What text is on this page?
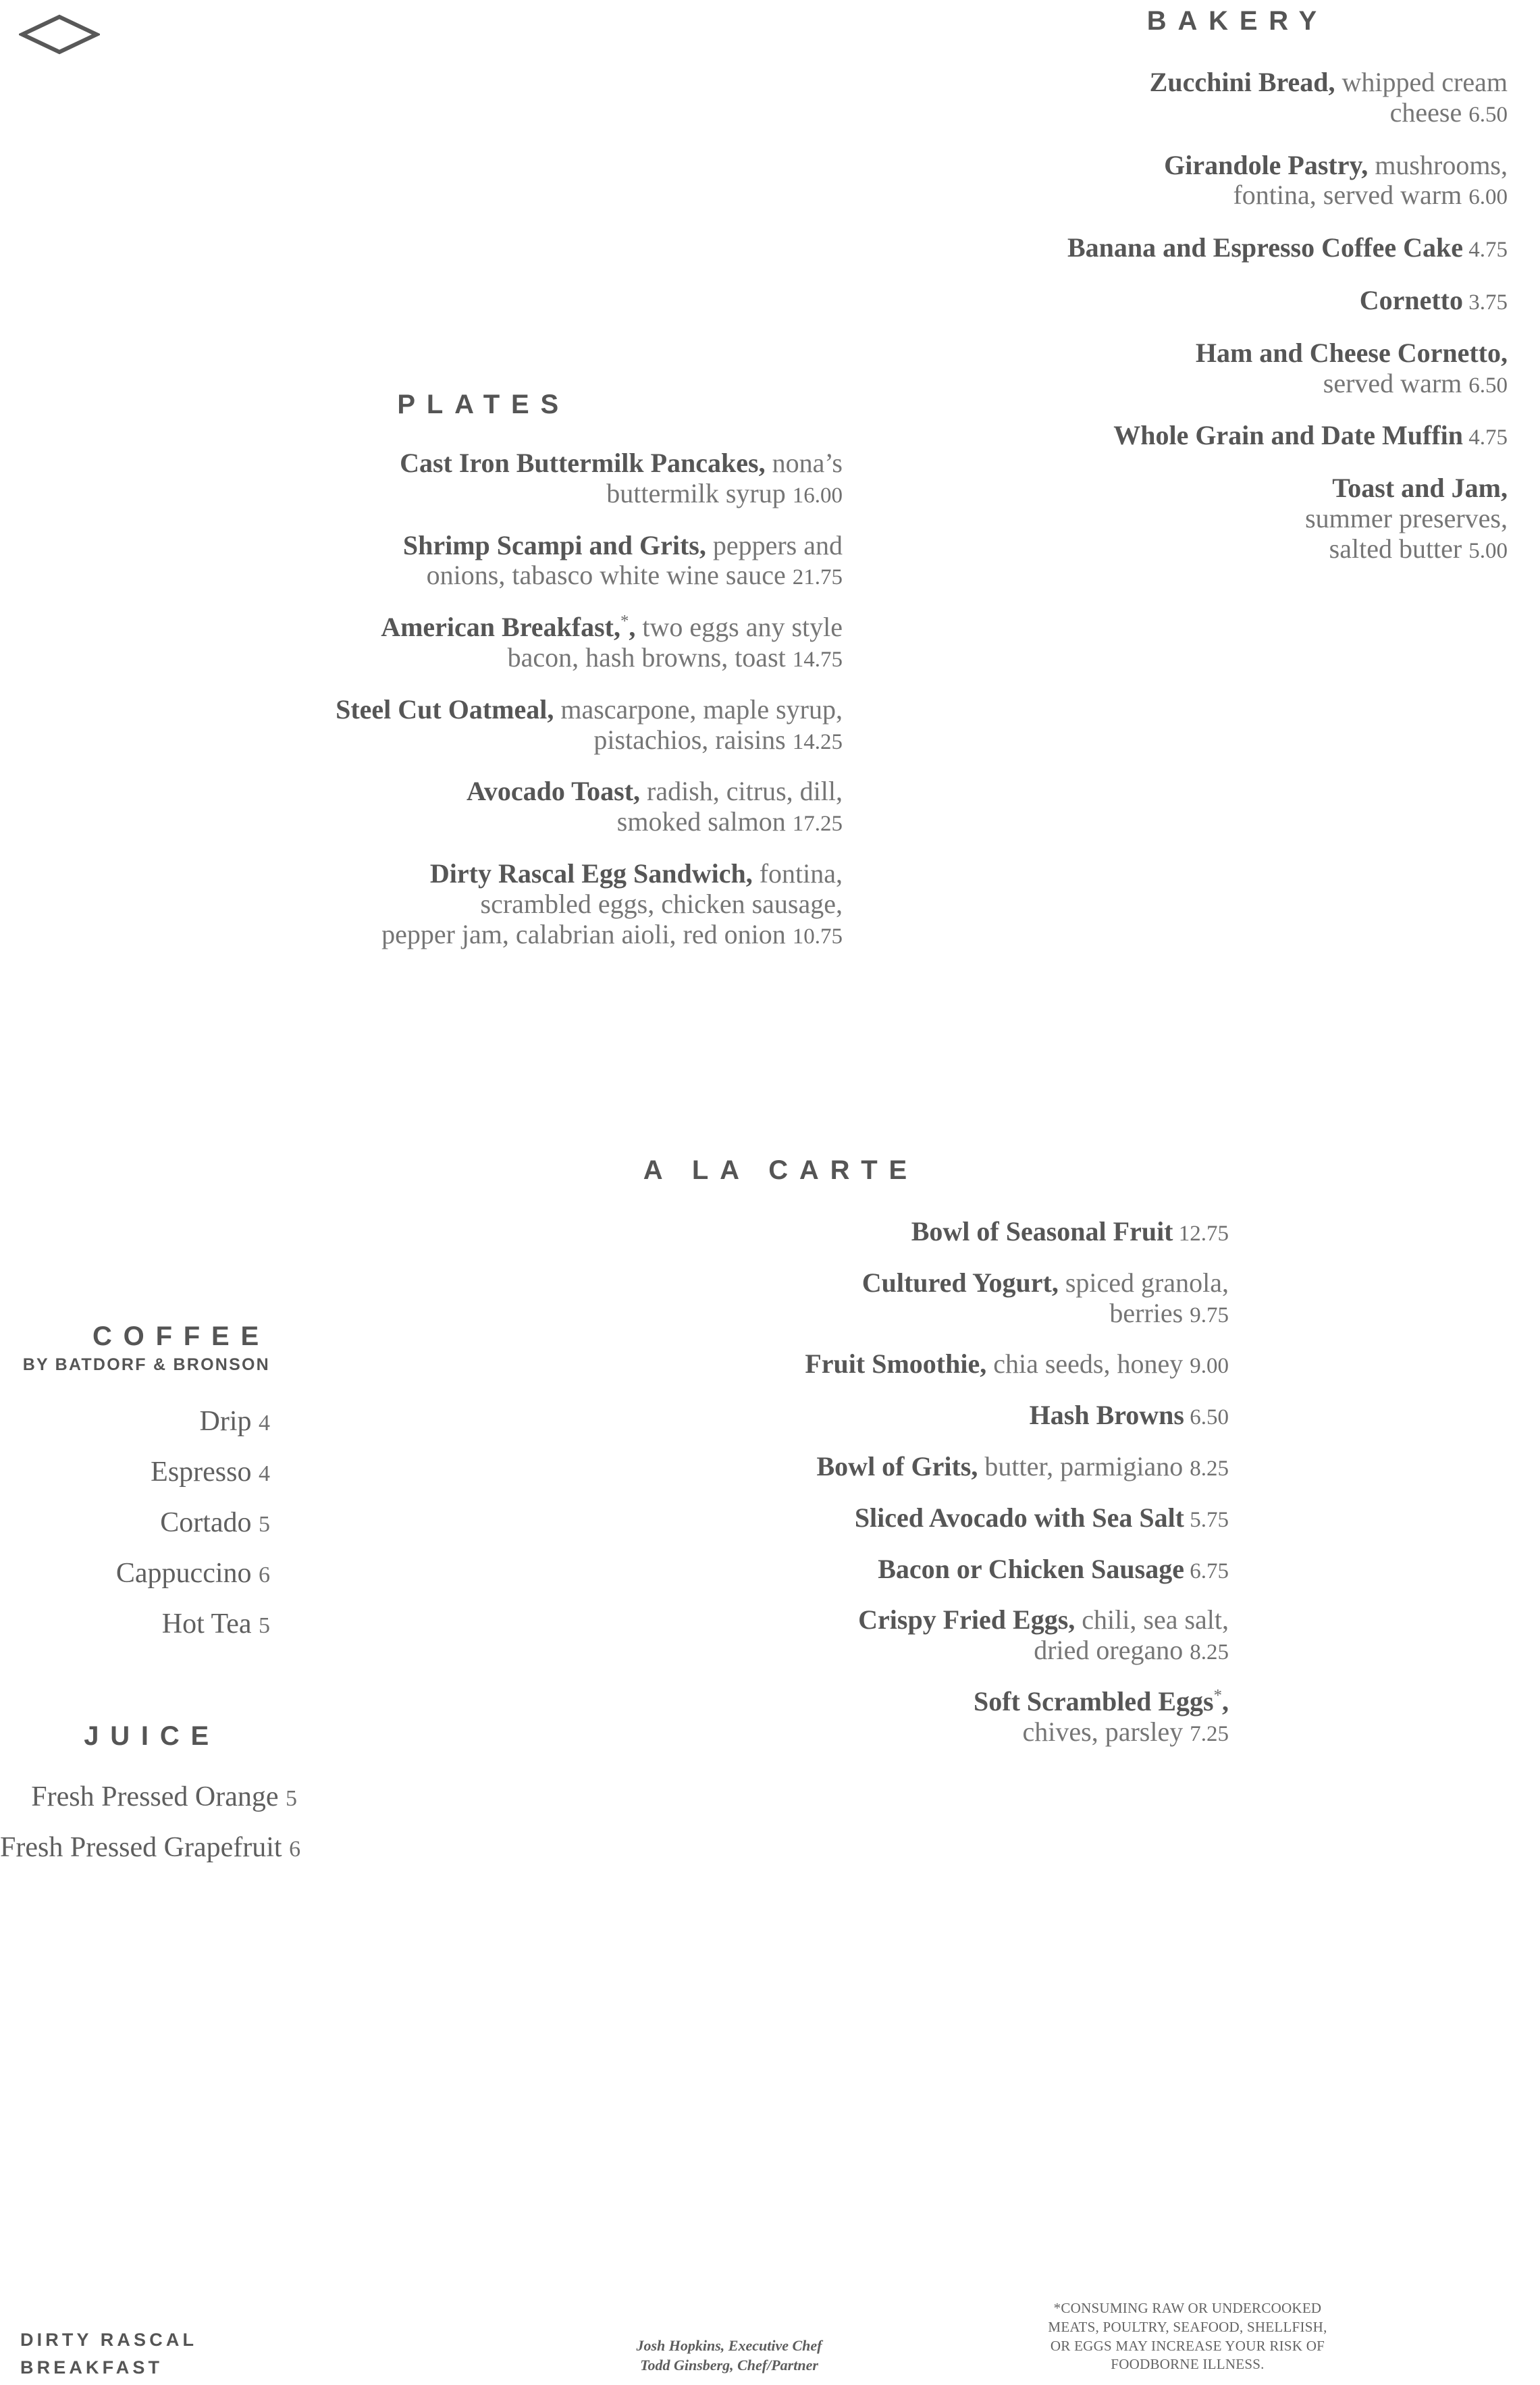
BAKERY
Zucchini Bread, whipped cream
cheese 6.50
Girandole Pastry, mushrooms,
fontina, served warm 6.00
Banana and Espresso Coffee Cake 4.75
Cornetto 3.75
Ham and Cheese Cornetto,
served warm 6.50
Whole Grain and Date Muffin 4.75
Toast and Jam,
summer preserves,
salted butter 5.00
PLATES
Cast Iron Buttermilk Pancakes, nona’s
buttermilk syrup 16.00
Shrimp Scampi and Grits, peppers and
onions, tabasco white wine sauce 21.75
American Breakfast,*, two eggs any style
bacon, hash browns, toast 14.75
Steel Cut Oatmeal, mascarpone, maple syrup,
pistachios, raisins 14.25
Avocado Toast, radish, citrus, dill,
smoked salmon 17.25
Dirty Rascal Egg Sandwich, fontina,
scrambled eggs, chicken sausage,
pepper jam, calabrian aioli, red onion 10.75
A LA CARTE
Bowl of Seasonal Fruit 12.75
Cultured Yogurt, spiced granola,
berries 9.75
Fruit Smoothie, chia seeds, honey 9.00
Hash Browns 6.50
Bowl of Grits, butter, parmigiano 8.25
Sliced Avocado with Sea Salt 5.75
Bacon or Chicken Sausage 6.75
Crispy Fried Eggs, chili, sea salt,
dried oregano 8.25
Soft Scrambled Eggs*,
chives, parsley 7.25
COFFEE
BY BATDORF & BRONSON
Drip 4
Espresso 4
Cortado 5
Cappuccino 6
Hot Tea 5
JUICE
Fresh Pressed Orange 5
Fresh Pressed Grapefruit 6
DIRTY RASCAL
BREAKFAST
Josh Hopkins, Executive Chef
Todd Ginsberg, Chef/Partner
*CONSUMING RAW OR UNDERCOOKED
MEATS, POULTRY, SEAFOOD, SHELLFISH,
OR EGGS MAY INCREASE YOUR RISK OF
FOODBORNE ILLNESS.
